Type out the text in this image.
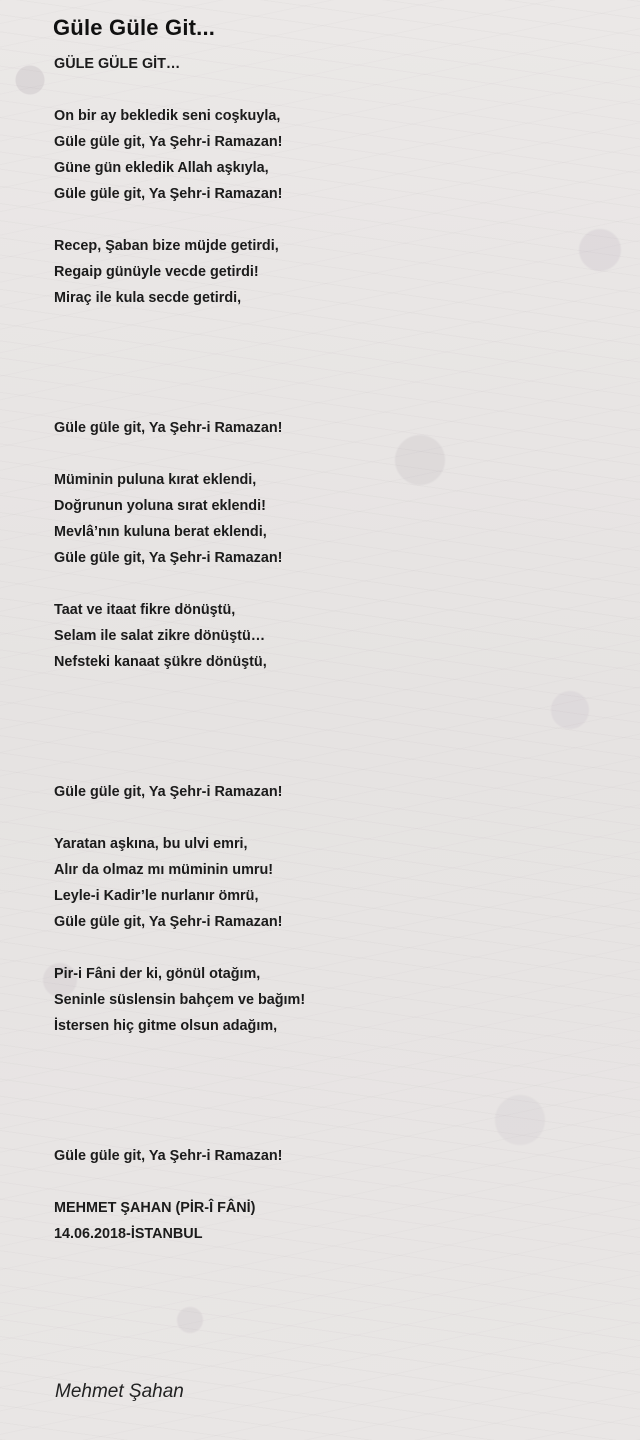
Güle Güle Git...
GÜLE GÜLE GİT…
On bir ay bekledik seni coşkuyla,
Güle güle git, Ya Şehr-i Ramazan!
Güne gün ekledik Allah aşkıyla,
Güle güle git, Ya Şehr-i Ramazan!
Recep, Şaban bize müjde getirdi,
Regaip günüyle vecde getirdi!
Miraç ile kula secde getirdi,
Güle güle git, Ya Şehr-i Ramazan!
Müminin puluna kırat eklendi,
Doğrunun yoluna sırat eklendi!
Mevlâ’nın kuluna berat eklendi,
Güle güle git, Ya Şehr-i Ramazan!
Taat ve itaat fikre dönüştü,
Selam ile salat zikre dönüştü…
Nefsteki kanaat şükre dönüştü,
Güle güle git, Ya Şehr-i Ramazan!
Yaratan aşkına, bu ulvi emri,
Alır da olmaz mı müminin umru!
Leyle-i Kadir’le nurlanır ömrü,
Güle güle git, Ya Şehr-i Ramazan!
Pir-i Fâni der ki, gönül otağım,
Seninle süslensin bahçem ve bağım!
İstersen hiç gitme olsun adağım,
Güle güle git, Ya Şehr-i Ramazan!
MEHMET ŞAHAN (PİR-Î FÂNİ)
14.06.2018-İSTANBUL
Mehmet Şahan
